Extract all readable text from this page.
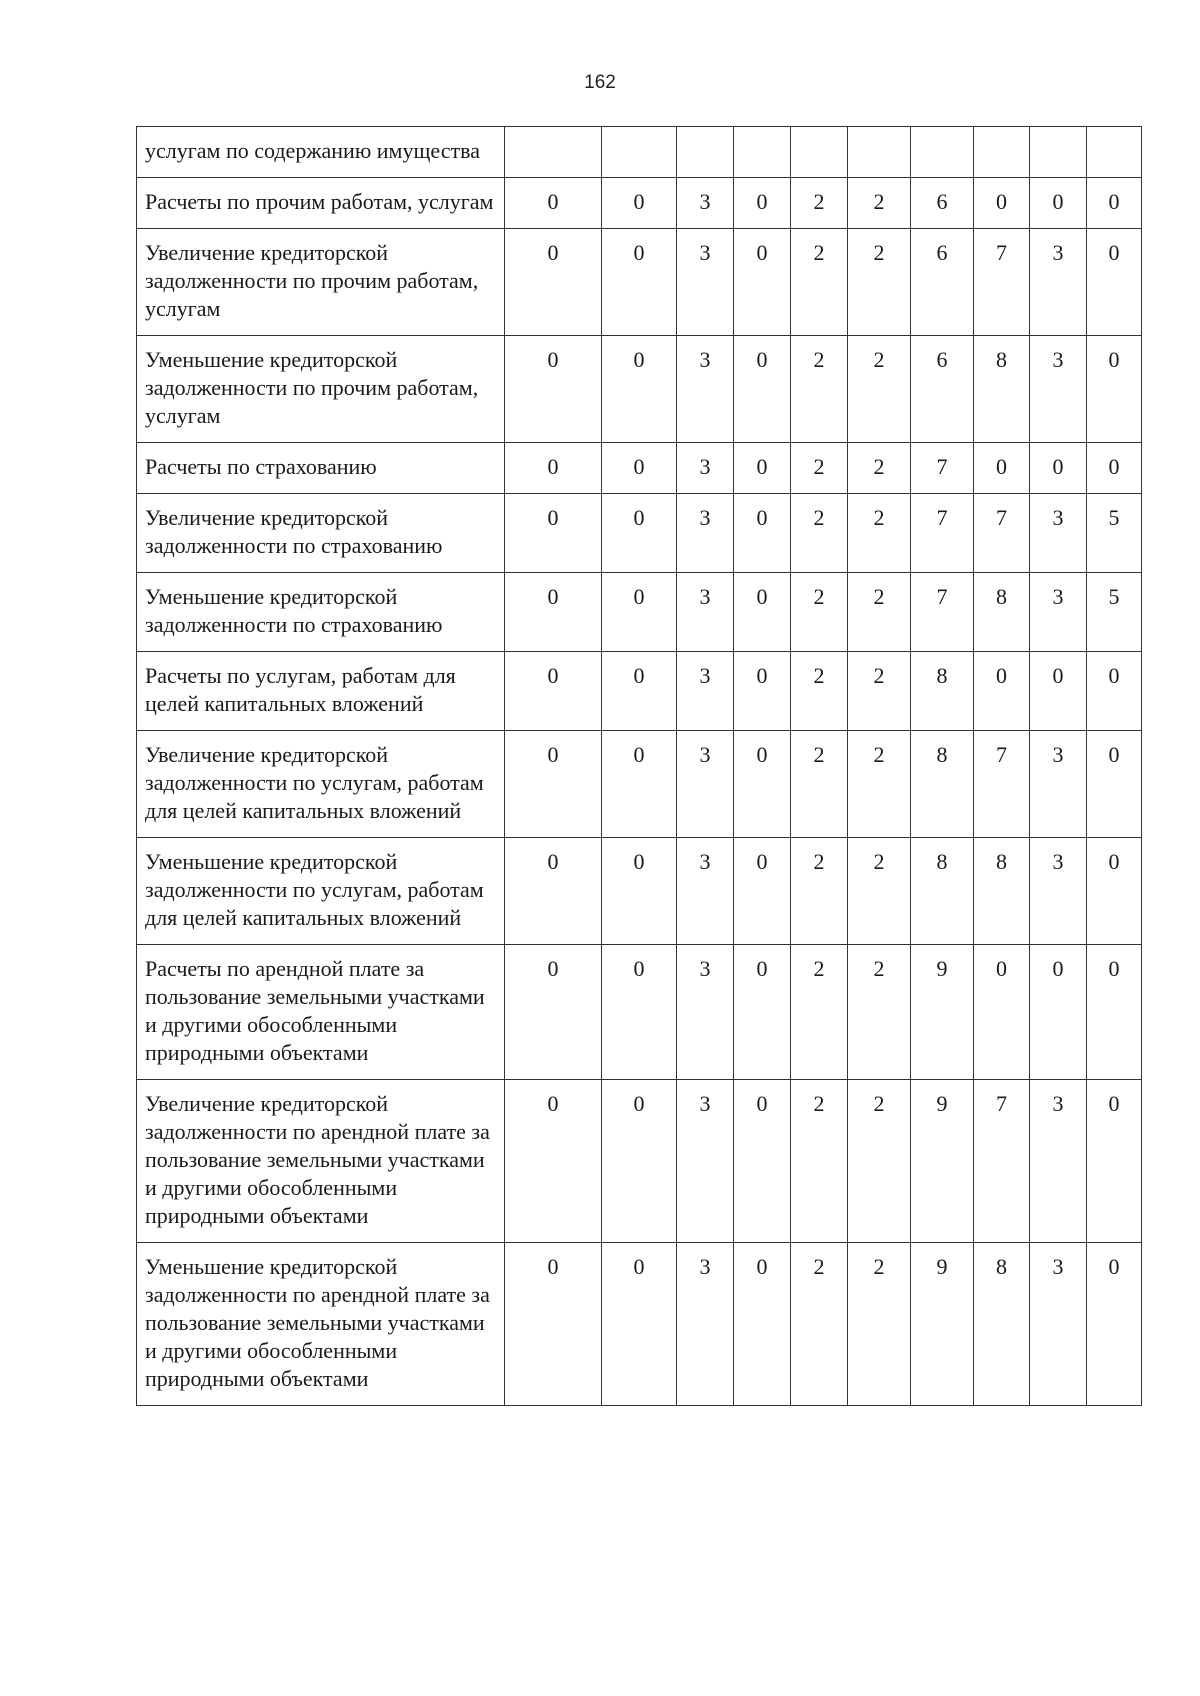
162
услугам по содержанию имущества										
Расчеты по прочим работам, услугам	0	0	3	0	2	2	6	0	0	0
Увеличение кредиторской задолженности по прочим работам, услугам	0	0	3	0	2	2	6	7	3	0
Уменьшение кредиторской задолженности по прочим работам, услугам	0	0	3	0	2	2	6	8	3	0
Расчеты по страхованию	0	0	3	0	2	2	7	0	0	0
Увеличение кредиторской задолженности по страхованию	0	0	3	0	2	2	7	7	3	5
Уменьшение кредиторской задолженности по страхованию	0	0	3	0	2	2	7	8	3	5
Расчеты по услугам, работам для целей капитальных вложений	0	0	3	0	2	2	8	0	0	0
Увеличение кредиторской задолженности по услугам, работам для целей капитальных вложений	0	0	3	0	2	2	8	7	3	0
Уменьшение кредиторской задолженности по услугам, работам для целей капитальных вложений	0	0	3	0	2	2	8	8	3	0
Расчеты по арендной плате за пользование земельными участками и другими обособленными природными объектами	0	0	3	0	2	2	9	0	0	0
Увеличение кредиторской задолженности по арендной плате за пользование земельными участками и другими обособленными природными объектами	0	0	3	0	2	2	9	7	3	0
Уменьшение кредиторской задолженности по арендной плате за пользование земельными участками и другими обособленными природными объектами	0	0	3	0	2	2	9	8	3	0
